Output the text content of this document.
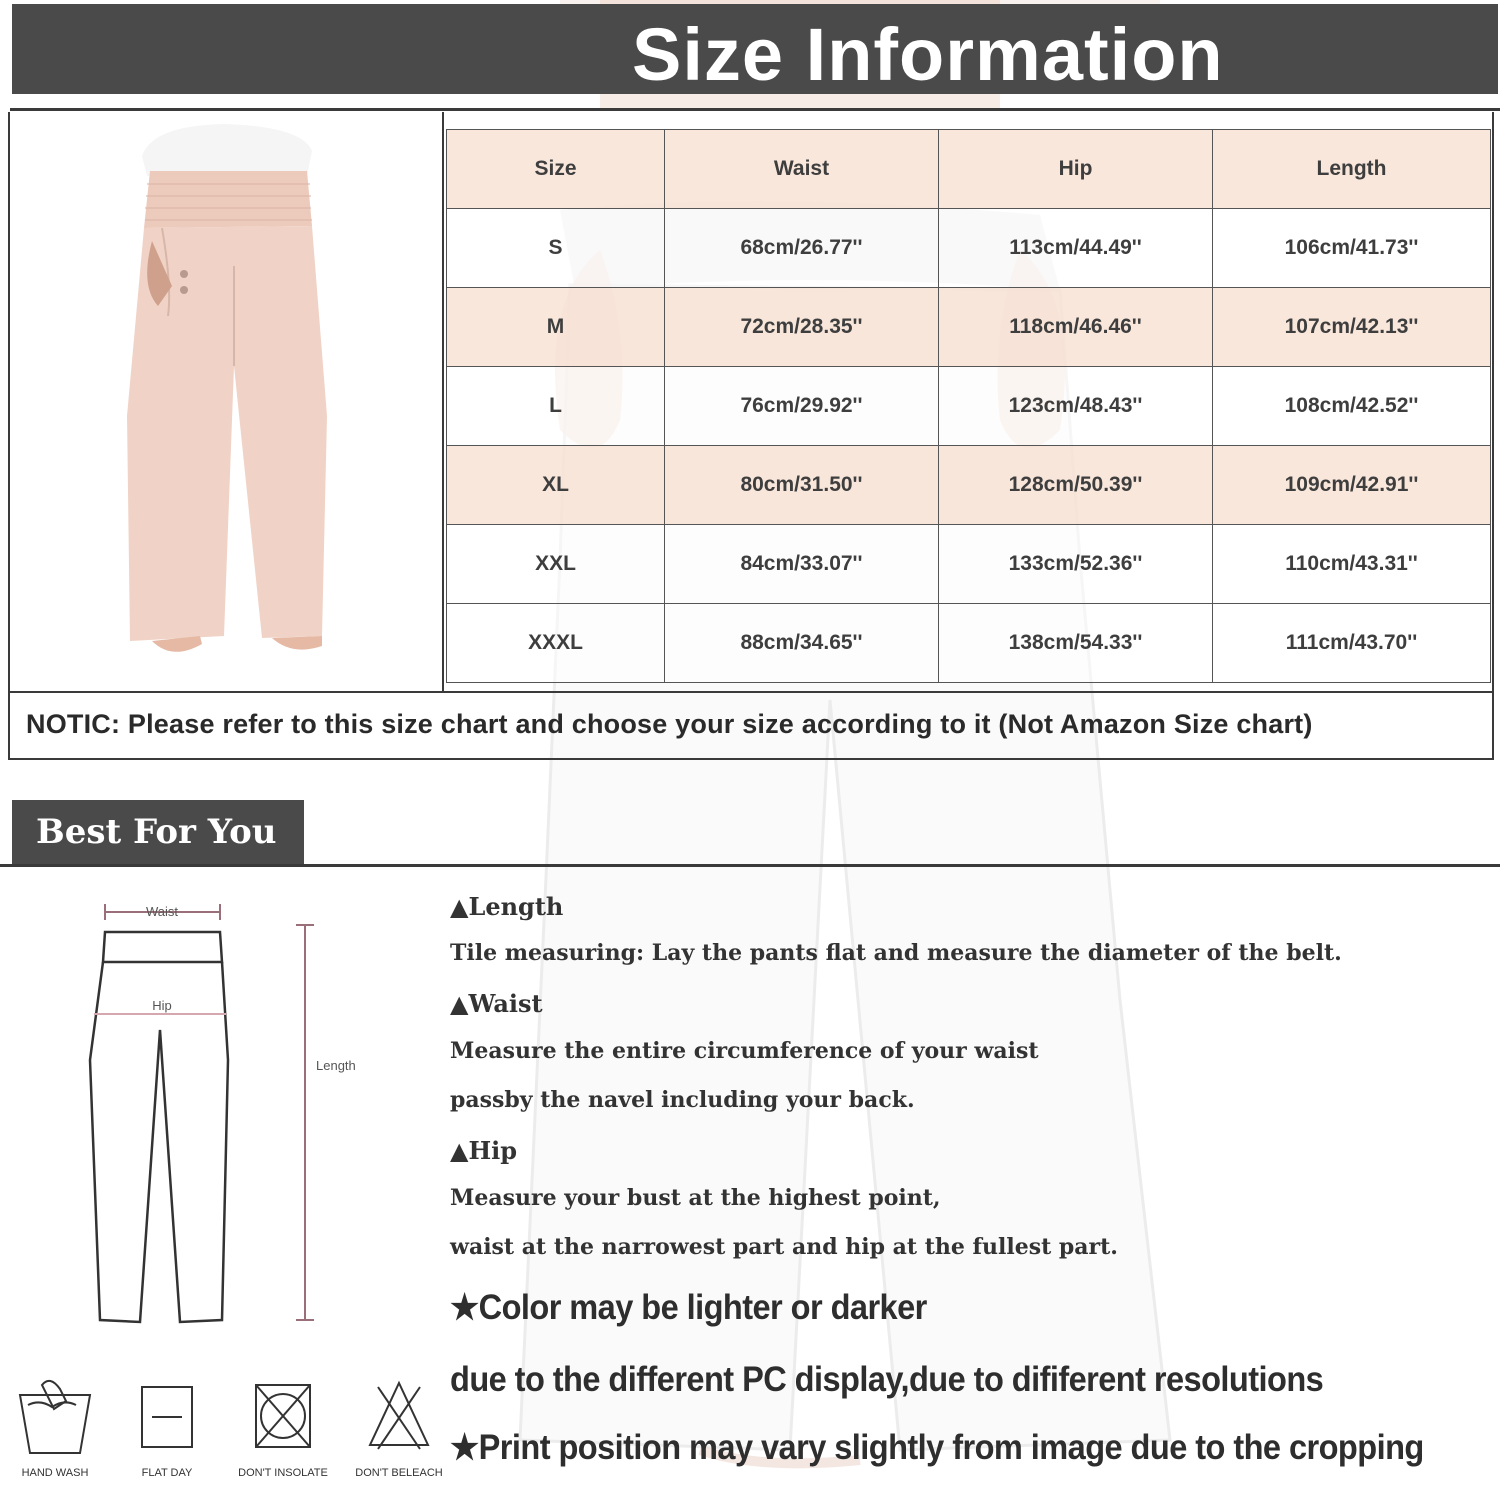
Size Information
NOTIC: Please refer to this size chart and choose your size according to it (Not Amazon Size chart)
Size	Waist	Hip	Length
S	68cm/26.77''	113cm/44.49''	106cm/41.73''
M	72cm/28.35''	118cm/46.46''	107cm/42.13''
L	76cm/29.92''	123cm/48.43''	108cm/42.52''
XL	80cm/31.50''	128cm/50.39''	109cm/42.91''
XXL	84cm/33.07''	133cm/52.36''	110cm/43.31''
XXXL	88cm/34.65''	138cm/54.33''	111cm/43.70''
Best For You
Waist
Hip
Length
HAND WASH	FLAT DAY	DON'T INSOLATE	DON'T BELEACH
▲Length
Tile measuring: Lay the pants flat and measure the diameter of the belt.
▲Waist
Measure the entire circumference of your waist
passby the navel including your back.
▲Hip
Measure your bust at the highest point,
waist at the narrowest part and hip at the fullest part.
★Color may be lighter or darker
due to the different PC display,due to dififerent resolutions
★Print position may vary slightly from image due to the cropping
